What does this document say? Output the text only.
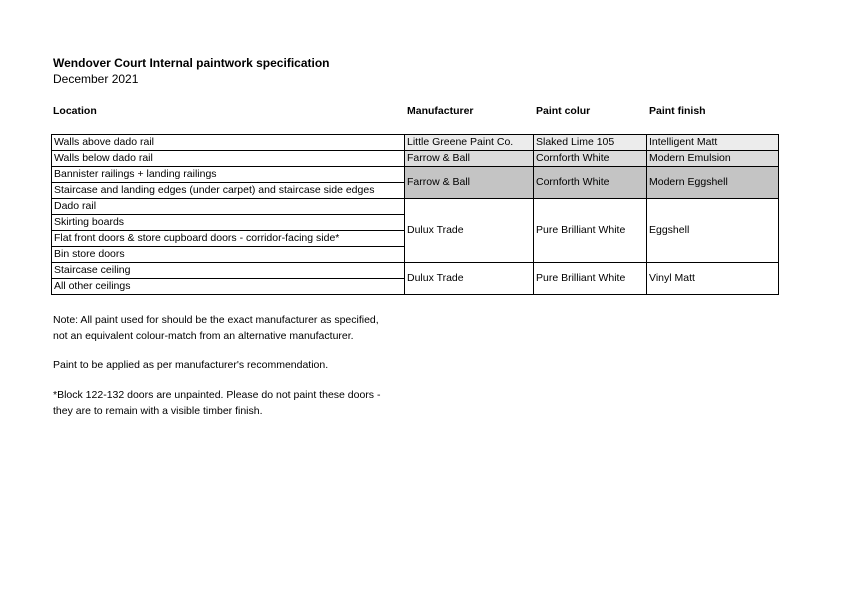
Wendover Court Internal paintwork specification
December 2021
Location	Manufacturer	Paint colur	Paint finish
Walls above dado rail	Little Greene Paint Co.	Slaked Lime 105	Intelligent Matt
Walls below dado rail	Farrow & Ball	Cornforth White	Modern Emulsion
Bannister railings + landing railings	Farrow & Ball	Cornforth White	Modern Eggshell
Staircase and landing edges (under carpet) and staircase side edges			
Dado rail	Dulux Trade	Pure Brilliant White	Eggshell
Skirting boards			
Flat front doors & store cupboard doors - corridor-facing side*			
Bin store doors			
Staircase ceiling	Dulux Trade	Pure Brilliant White	Vinyl Matt
All other ceilings			
Note: All paint used for should be the exact manufacturer as specified,
not an equivalent colour-match from an alternative manufacturer.
Paint to be applied as per manufacturer's recommendation.
*Block 122-132 doors are unpainted. Please do not paint these doors -
they are to remain with a visible timber finish.
